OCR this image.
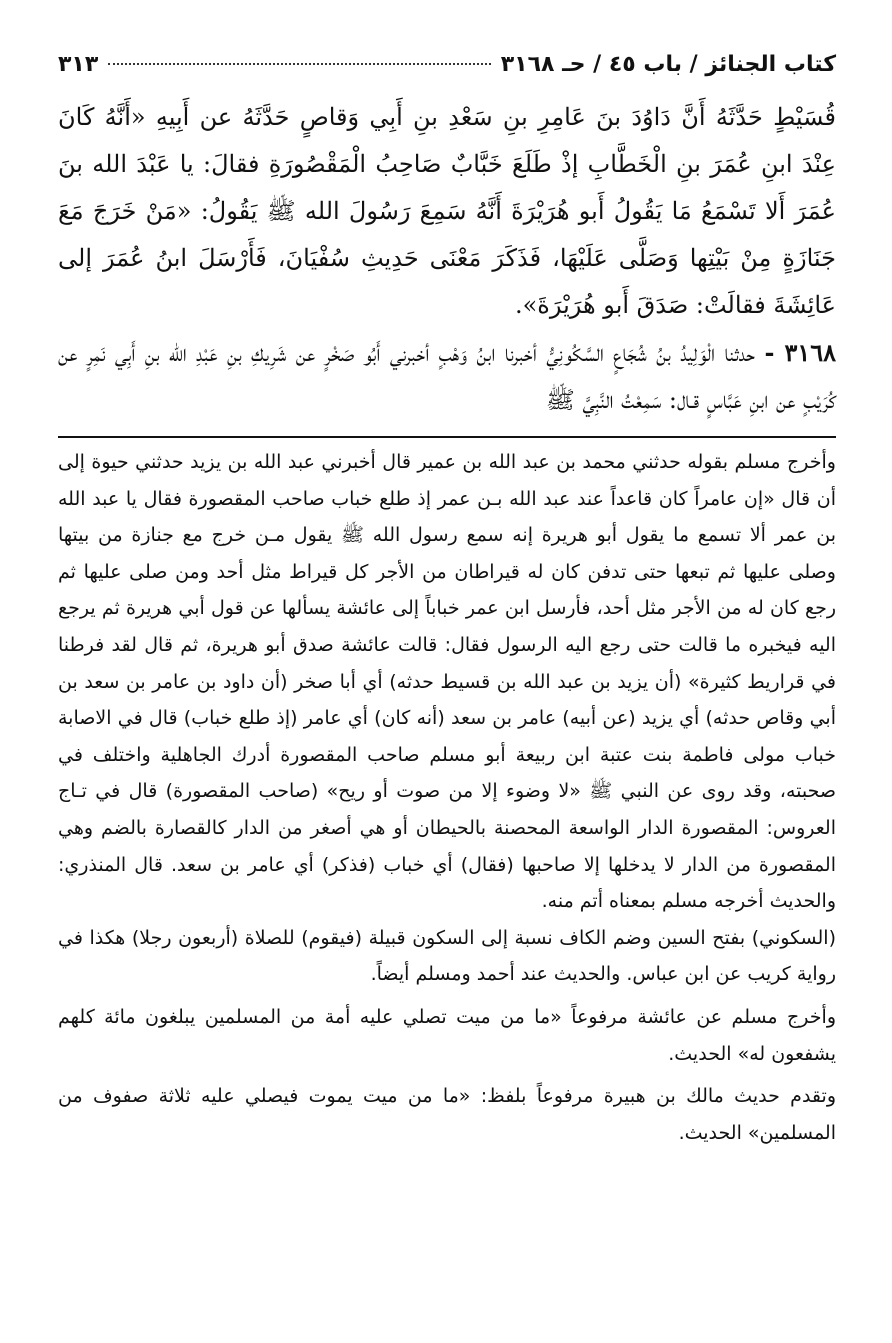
كتاب الجنائز / باب ٤٥ / حـ ٣١٦٨
٣١٣

قُسَيْطٍ حَدَّثَهُ أَنَّ دَاوُدَ بنَ عَامِرِ بنِ سَعْدِ بنِ أَبِي وَقاصٍ حَدَّثَهُ عن أَبِيهِ «أَنَّهُ كَانَ عِنْدَ ابنِ عُمَرَ بنِ الْخَطَّابِ إذْ طَلَعَ خَبَّابٌ صَاحِبُ الْمَقْصُورَةِ فقالَ: يا عَبْدَ الله بنَ عُمَرَ أَلا تَسْمَعُ مَا يَقُولُ أَبو هُرَيْرَةَ أَنَّهُ سَمِعَ رَسُولَ الله ﷺ يَقُولُ: «مَنْ خَرَجَ مَعَ جَنَازَةٍ مِنْ بَيْتِها وَصَلَّى عَلَيْهَا، فَذَكَرَ مَعْنَى حَدِيثِ سُفْيَانَ، فَأَرْسَلَ ابنُ عُمَرَ إلى عَائِشَةَ فقالَتْ: صَدَقَ أَبو هُرَيْرَةَ».

٣١٦٨ - حدثنا الْوَلِيدُ بنُ شُجَاعٍ السَّكُونِيُّ أخبرنا ابنُ وَهْبٍ أخبرني أَبُو صَخْرٍ عن شَرِيكِ بنِ عَبْدِ الله بنِ أَبِي نَمِرٍ عن كُرَيْبٍ عن ابنِ عَبَّاسٍ قـال: سَمِعْتُ النَّبِيَّ ﷺ

وأخرج مسلم بقوله حدثني محمد بن عبد الله بن عمير قال أخبرني عبد الله بن يزيد حدثني حيوة إلى أن قال «إن عامراً كان قاعداً عند عبد الله بـن عمر إذ طلع خباب صاحب المقصورة فقال يا عبد الله بن عمر ألا تسمع ما يقول أبو هريرة إنه سمع رسول الله ﷺ يقول مـن خرج مع جنازة من بيتها وصلى عليها ثم تبعها حتى تدفن كان له قيراطان من الأجر كل قيراط مثل أحد ومن صلى عليها ثم رجع كان له من الأجر مثل أحد، فأرسل ابن عمر خباباً إلى عائشة يسألها عن قول أبي هريرة ثم يرجع اليه فيخبره ما قالت حتى رجع اليه الرسول فقال: قالت عائشة صدق أبو هريرة، ثم قال لقد فرطنا في قراريط كثيرة» (أن يزيد بن عبد الله بن قسيط حدثه) أي أبا صخر (أن داود بن عامر بن سعد بن أبي وقاص حدثه) أي يزيد (عن أبيه) عامر بن سعد (أنه كان) أي عامر (إذ طلع خباب) قال في الاصابة خباب مولى فاطمة بنت عتبة ابن ربيعة أبو مسلم صاحب المقصورة أدرك الجاهلية واختلف في صحبته، وقد روى عن النبي ﷺ «لا وضوء إلا من صوت أو ريح» (صاحب المقصورة) قال في تـاج العروس: المقصورة الدار الواسعة المحصنة بالحيطان أو هي أصغر من الدار كالقصارة بالضم وهي المقصورة من الدار لا يدخلها إلا صاحبها (فقال) أي خباب (فذكر) أي عامر بن سعد. قال المنذري: والحديث أخرجه مسلم بمعناه أتم منه.

(السكوني) بفتح السين وضم الكاف نسبة إلى السكون قبيلة (فيقوم) للصلاة (أربعون رجلا) هكذا في رواية كريب عن ابن عباس. والحديث عند أحمد ومسلم أيضاً.

وأخرج مسلم عن عائشة مرفوعاً «ما من ميت تصلي عليه أمة من المسلمين يبلغون مائة كلهم يشفعون له» الحديث.

وتقدم حديث مالك بن هبيرة مرفوعاً بلفظ: «ما من ميت يموت فيصلي عليه ثلاثة صفوف من المسلمين» الحديث.
